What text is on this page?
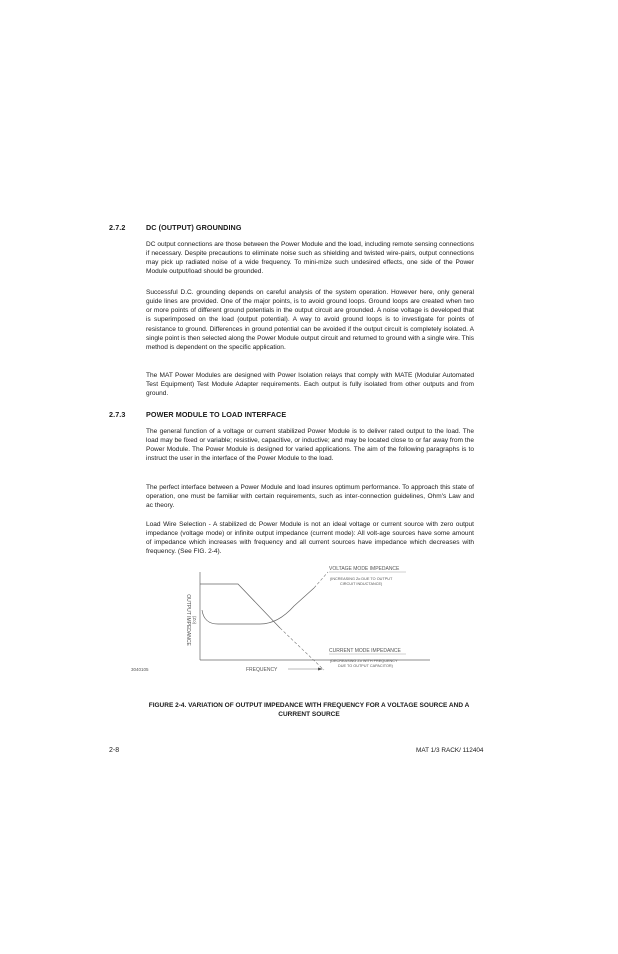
2.7.2	DC (OUTPUT) GROUNDING

DC output connections are those between the Power Module and the load, including remote sensing connections if necessary. Despite precautions to eliminate noise such as shielding and twisted wire-pairs, output connections may pick up radiated noise of a wide frequency. To mini-mize such undesired effects, one side of the Power Module output/load should be grounded.

Successful D.C. grounding depends on careful analysis of the system operation. However here, only general guide lines are provided. One of the major points, is to avoid ground loops. Ground loops are created when two or more points of different ground potentials in the output circuit are grounded. A noise voltage is developed that is superimposed on the load (output potential). A way to avoid ground loops is to investigate for points of resistance to ground. Differences in ground potential can be avoided if the output circuit is completely isolated. A single point is then selected along the Power Module output circuit and returned to ground with a single wire. This method is dependent on the specific application.

The MAT Power Modules are designed with Power Isolation relays that comply with MATE (Modular Automated Test Equipment) Test Module Adapter requirements. Each output is fully isolated from other outputs and from ground.

2.7.3	POWER MODULE TO LOAD INTERFACE

The general function of a voltage or current stabilized Power Module is to deliver rated output to the load. The load may be fixed or variable; resistive, capacitive, or inductive; and may be located close to or far away from the Power Module. The Power Module is designed for varied applications. The aim of the following paragraphs is to instruct the user in the interface of the Power Module to the load.

The perfect interface between a Power Module and load insures optimum performance. To approach this state of operation, one must be familiar with certain requirements, such as inter-connection guidelines, Ohm's Law and ac theory.

Load Wire Selection - A stabilized dc Power Module is not an ideal voltage or current source with zero output impedance (voltage mode) or infinite output impedance (current mode): All volt-age sources have some amount of impedance which increases with frequency and all current sources have impedance which decreases with frequency. (See FIG. 2-4).

OUTPUT IMPEDANCE (Zo)
FREQUENCY
VOLTAGE MODE IMPEDANCE
(INCREASING Zo DUE TO OUTPUT
CIRCUIT INDUCTANCE)
CURRENT MODE IMPEDANCE
(DECREASING Zo WITH FREQUENCY
DUE TO OUTPUT CAPACITOR)
3040105
FIGURE 2-4. VARIATION OF OUTPUT IMPEDANCE WITH FREQUENCY FOR A VOLTAGE SOURCE AND A
CURRENT SOURCE
2-8	MAT 1/3 RACK/ 112404
